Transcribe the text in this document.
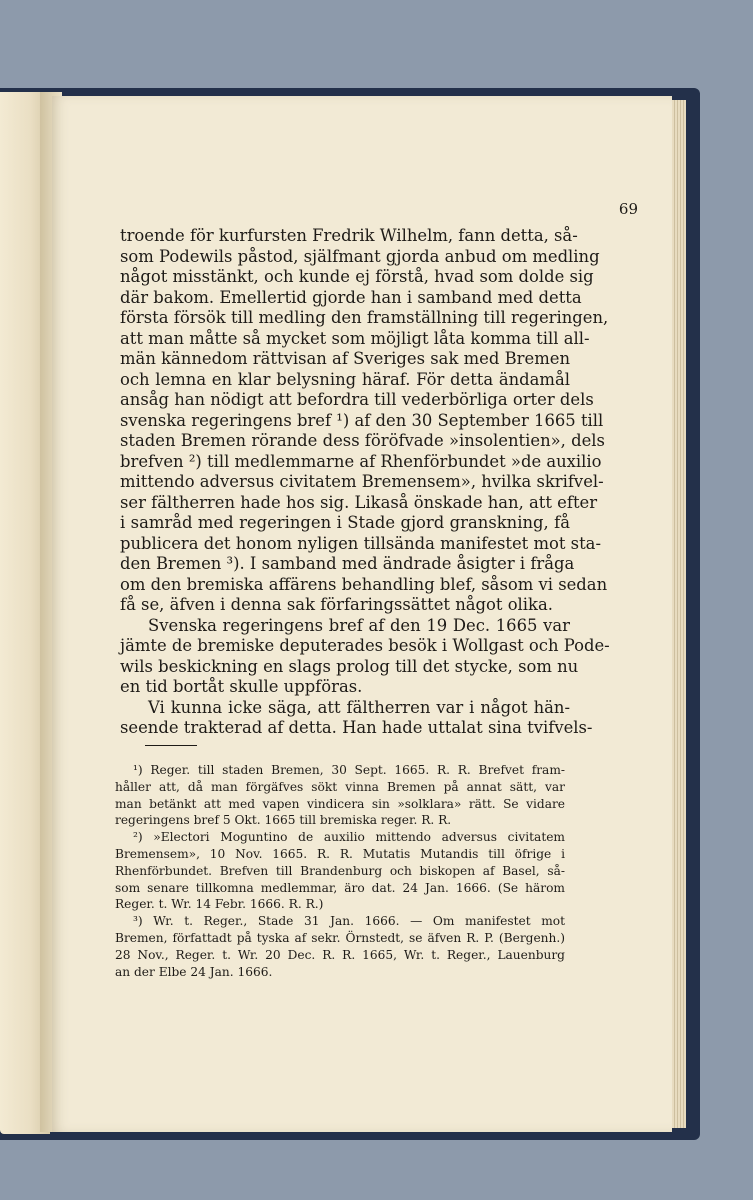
69
troende för kurfursten Fredrik Wilhelm, fann detta, så-
som Podewils påstod, själfmant gjorda anbud om medling
något misstänkt, och kunde ej förstå, hvad som dolde sig
där bakom. Emellertid gjorde han i samband med detta
första försök till medling den framställning till regeringen,
att man måtte så mycket som möjligt låta komma till all-
män kännedom rättvisan af Sveriges sak med Bremen
och lemna en klar belysning häraf. För detta ändamål
ansåg han nödigt att befordra till vederbörliga orter dels
svenska regeringens bref ¹) af den 30 September 1665 till
staden Bremen rörande dess föröfvade »insolentien», dels
brefven ²) till medlemmarne af Rhenförbundet »de auxilio
mittendo adversus civitatem Bremensem», hvilka skrifvel-
ser fältherren hade hos sig. Likaså önskade han, att efter
i samråd med regeringen i Stade gjord granskning, få
publicera det honom nyligen tillsända manifestet mot sta-
den Bremen ³). I samband med ändrade åsigter i fråga
om den bremiska affärens behandling blef, såsom vi sedan
få se, äfven i denna sak förfaringssättet något olika.
Svenska regeringens bref af den 19 Dec. 1665 var
jämte de bremiske deputerades besök i Wollgast och Pode-
wils beskickning en slags prolog till det stycke, som nu
en tid bortåt skulle uppföras.
Vi kunna icke säga, att fältherren var i något hän-
seende trakterad af detta. Han hade uttalat sina tvifvels-
¹) Reger. till staden Bremen, 30 Sept. 1665. R. R. Brefvet fram-
håller att, då man förgäfves sökt vinna Bremen på annat sätt, var
man betänkt att med vapen vindicera sin »solklara» rätt. Se vidare
regeringens bref 5 Okt. 1665 till bremiska reger. R. R.
²) »Electori Moguntino de auxilio mittendo adversus civitatem
Bremensem», 10 Nov. 1665. R. R. Mutatis Mutandis till öfrige i
Rhenförbundet. Brefven till Brandenburg och biskopen af Basel, så-
som senare tillkomna medlemmar, äro dat. 24 Jan. 1666. (Se härom
Reger. t. Wr. 14 Febr. 1666. R. R.)
³) Wr. t. Reger., Stade 31 Jan. 1666. — Om manifestet mot
Bremen, författadt på tyska af sekr. Örnstedt, se äfven R. P. (Bergenh.)
28 Nov., Reger. t. Wr. 20 Dec. R. R. 1665, Wr. t. Reger., Lauenburg
an der Elbe 24 Jan. 1666.
